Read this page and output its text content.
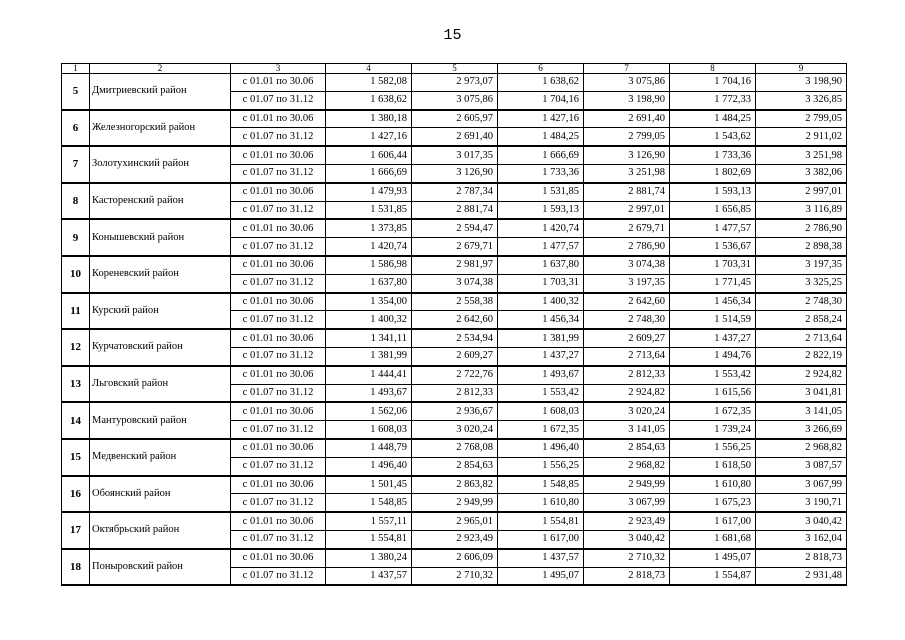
15
1	2	3	4	5	6	7	8	9
5	Дмитриевский район	с 01.01 по 30.06	1 582,08	2 973,07	1 638,62	3 075,86	1 704,16	3 198,90
		с 01.07 по 31.12	1 638,62	3 075,86	1 704,16	3 198,90	1 772,33	3 326,85
6	Железногорский район	с 01.01 по 30.06	1 380,18	2 605,97	1 427,16	2 691,40	1 484,25	2 799,05
		с 01.07 по 31.12	1 427,16	2 691,40	1 484,25	2 799,05	1 543,62	2 911,02
7	Золотухинский район	с 01.01 по 30.06	1 606,44	3 017,35	1 666,69	3 126,90	1 733,36	3 251,98
		с 01.07 по 31.12	1 666,69	3 126,90	1 733,36	3 251,98	1 802,69	3 382,06
8	Касторенский район	с 01.01 по 30.06	1 479,93	2 787,34	1 531,85	2 881,74	1 593,13	2 997,01
		с 01.07 по 31.12	1 531,85	2 881,74	1 593,13	2 997,01	1 656,85	3 116,89
9	Конышевский район	с 01.01 по 30.06	1 373,85	2 594,47	1 420,74	2 679,71	1 477,57	2 786,90
		с 01.07 по 31.12	1 420,74	2 679,71	1 477,57	2 786,90	1 536,67	2 898,38
10	Кореневский район	с 01.01 по 30.06	1 586,98	2 981,97	1 637,80	3 074,38	1 703,31	3 197,35
		с 01.07 по 31.12	1 637,80	3 074,38	1 703,31	3 197,35	1 771,45	3 325,25
11	Курский район	с 01.01 по 30.06	1 354,00	2 558,38	1 400,32	2 642,60	1 456,34	2 748,30
		с 01.07 по 31.12	1 400,32	2 642,60	1 456,34	2 748,30	1 514,59	2 858,24
12	Курчатовский район	с 01.01 по 30.06	1 341,11	2 534,94	1 381,99	2 609,27	1 437,27	2 713,64
		с 01.07 по 31.12	1 381,99	2 609,27	1 437,27	2 713,64	1 494,76	2 822,19
13	Льговский район	с 01.01 по 30.06	1 444,41	2 722,76	1 493,67	2 812,33	1 553,42	2 924,82
		с 01.07 по 31.12	1 493,67	2 812,33	1 553,42	2 924,82	1 615,56	3 041,81
14	Мантуровский район	с 01.01 по 30.06	1 562,06	2 936,67	1 608,03	3 020,24	1 672,35	3 141,05
		с 01.07 по 31.12	1 608,03	3 020,24	1 672,35	3 141,05	1 739,24	3 266,69
15	Медвенский район	с 01.01 по 30.06	1 448,79	2 768,08	1 496,40	2 854,63	1 556,25	2 968,82
		с 01.07 по 31.12	1 496,40	2 854,63	1 556,25	2 968,82	1 618,50	3 087,57
16	Обоянский район	с 01.01 по 30.06	1 501,45	2 863,82	1 548,85	2 949,99	1 610,80	3 067,99
		с 01.07 по 31.12	1 548,85	2 949,99	1 610,80	3 067,99	1 675,23	3 190,71
17	Октябрьский район	с 01.01 по 30.06	1 557,11	2 965,01	1 554,81	2 923,49	1 617,00	3 040,42
		с 01.07 по 31.12	1 554,81	2 923,49	1 617,00	3 040,42	1 681,68	3 162,04
18	Поныровский район	с 01.01 по 30.06	1 380,24	2 606,09	1 437,57	2 710,32	1 495,07	2 818,73
		с 01.07 по 31.12	1 437,57	2 710,32	1 495,07	2 818,73	1 554,87	2 931,48
